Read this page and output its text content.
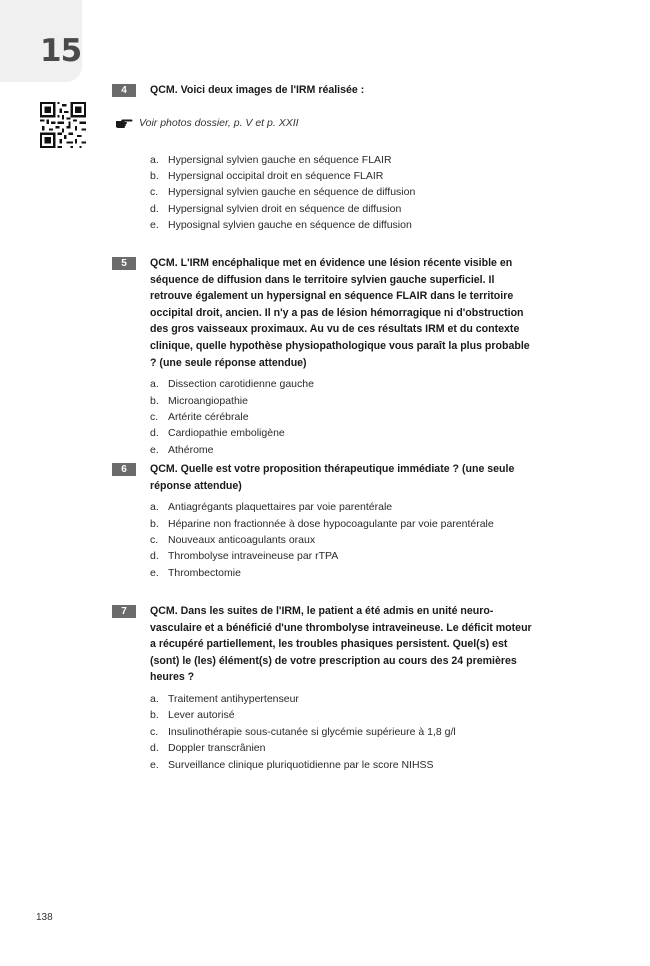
15
Voir photos dossier, p. V et p. XXII
4	QCM. Voici deux images de l'IRM réalisée :
a. Hypersignal sylvien gauche en séquence FLAIR
b. Hypersignal occipital droit en séquence FLAIR
c. Hypersignal sylvien gauche en séquence de diffusion
d. Hypersignal sylvien droit en séquence de diffusion
e. Hyposignal sylvien gauche en séquence de diffusion
5	QCM. L'IRM encéphalique met en évidence une lésion récente visible en séquence de diffusion dans le territoire sylvien gauche superficiel. Il retrouve également un hypersignal en séquence FLAIR dans le territoire occipital droit, ancien. Il n'y a pas de lésion hémorragique ni d'obstruction des gros vaisseaux proximaux. Au vu de ces résultats IRM et du contexte clinique, quelle hypothèse physiopathologique vous paraît la plus probable ? (une seule réponse attendue)
a. Dissection carotidienne gauche
b. Microangiopathie
c. Artérite cérébrale
d. Cardiopathie emboligène
e. Athérome
6	QCM. Quelle est votre proposition thérapeutique immédiate ? (une seule réponse attendue)
a. Antiagrégants plaquettaires par voie parentérale
b. Héparine non fractionnée à dose hypocoagulante par voie parentérale
c. Nouveaux anticoagulants oraux
d. Thrombolyse intraveineuse par rTPA
e. Thrombectomie
7	QCM. Dans les suites de l'IRM, le patient a été admis en unité neuro-vasculaire et a bénéficié d'une thrombolyse intraveineuse. Le déficit moteur a récupéré partiellement, les troubles phasiques persistent. Quel(s) est (sont) le (les) élément(s) de votre prescription au cours des 24 premières heures ?
a. Traitement antihypertenseur
b. Lever autorisé
c. Insulinothérapie sous-cutanée si glycémie supérieure à 1,8 g/l
d. Doppler transcrânien
e. Surveillance clinique pluriquotidienne par le score NIHSS
138
